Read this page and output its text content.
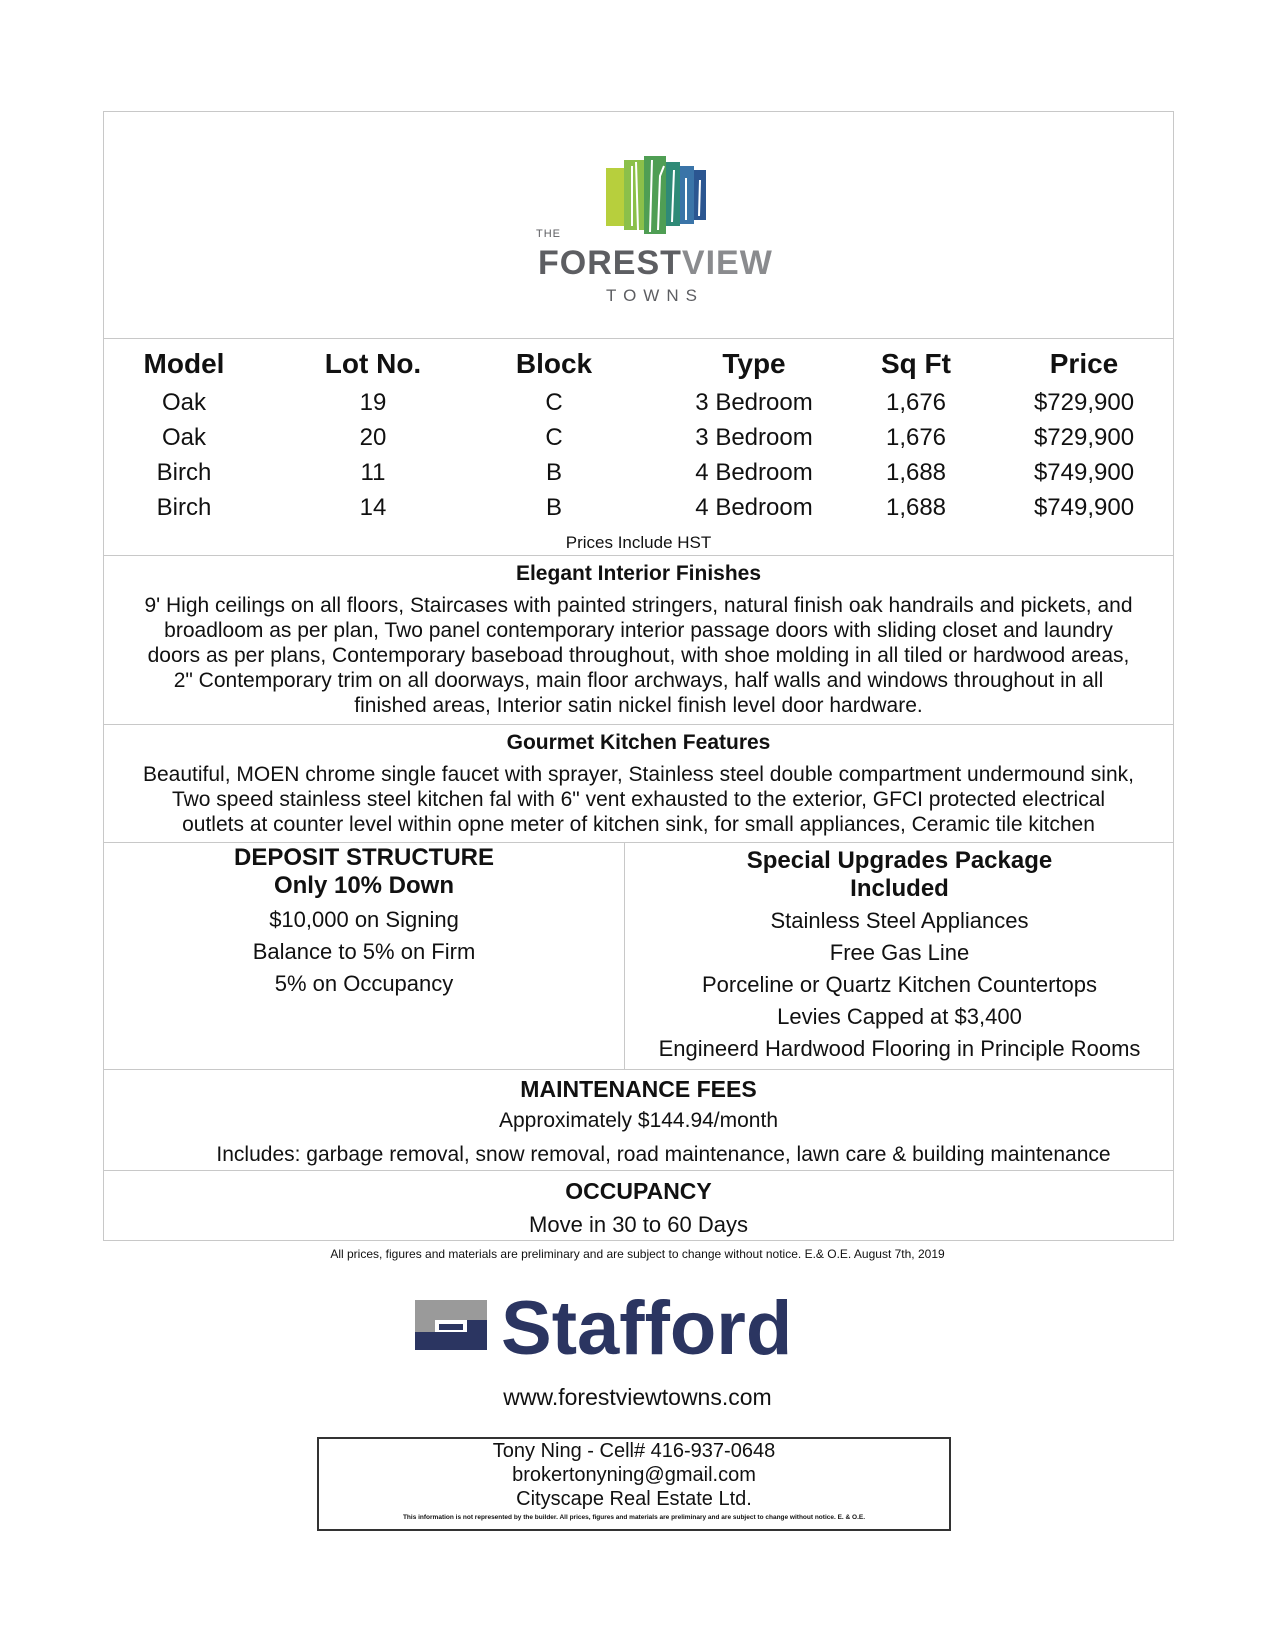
THE
FORESTVIEW
TOWNS
Model	Lot No.	Block	Type	Sq Ft	Price
Oak	19	C	3 Bedroom	1,676	$729,900
Oak	20	C	3 Bedroom	1,676	$729,900
Birch	11	B	4 Bedroom	1,688	$749,900
Birch	14	B	4 Bedroom	1,688	$749,900
Prices Include HST
Elegant Interior Finishes
9' High ceilings on all floors, Staircases with painted stringers, natural finish oak handrails and pickets, and
broadloom as per plan, Two panel contemporary interior passage doors with sliding closet and laundry
doors as per plans, Contemporary basebоad throughout, with shoe molding in all tiled or hardwood areas,
2" Contemporary trim on all doorways, main floor archways, half walls and windows throughout in all
finished areas, Interior satin nickel finish level door hardware.
Gourmet Kitchen Features
Beautiful, MOEN chrome single faucet with sprayer, Stainless steel double compartment undermound sink,
Two speed stainless steel kitchen fal with 6" vent exhausted to the exterior, GFCI protected electrical
outlets at counter level within opne meter of kitchen sink, for small appliances, Ceramic tile kitchen
DEPOSIT STRUCTURE
Only 10% Down
$10,000 on Signing
Balance to 5% on Firm
5% on Occupancy
Special Upgrades Package
Included
Stainless Steel Appliances
Free Gas Line
Porceline or Quartz Kitchen Countertops
Levies Capped at $3,400
Engineerd Hardwood Flooring in Principle Rooms
MAINTENANCE FEES
Approximately $144.94/month
Includes: garbage removal, snow removal, road maintenance, lawn care & building maintenance
OCCUPANCY
Move in 30 to 60 Days
All prices, figures and materials are preliminary and are subject to change without notice. E.& O.E. August 7th, 2019
Stafford
www.forestviewtowns.com
Tony Ning - Cell# 416-937-0648
brokertonyning@gmail.com
Cityscape Real Estate Ltd.
This information is not represented by the builder. All prices, figures and materials are preliminary and are subject to change without notice. E. & O.E.
